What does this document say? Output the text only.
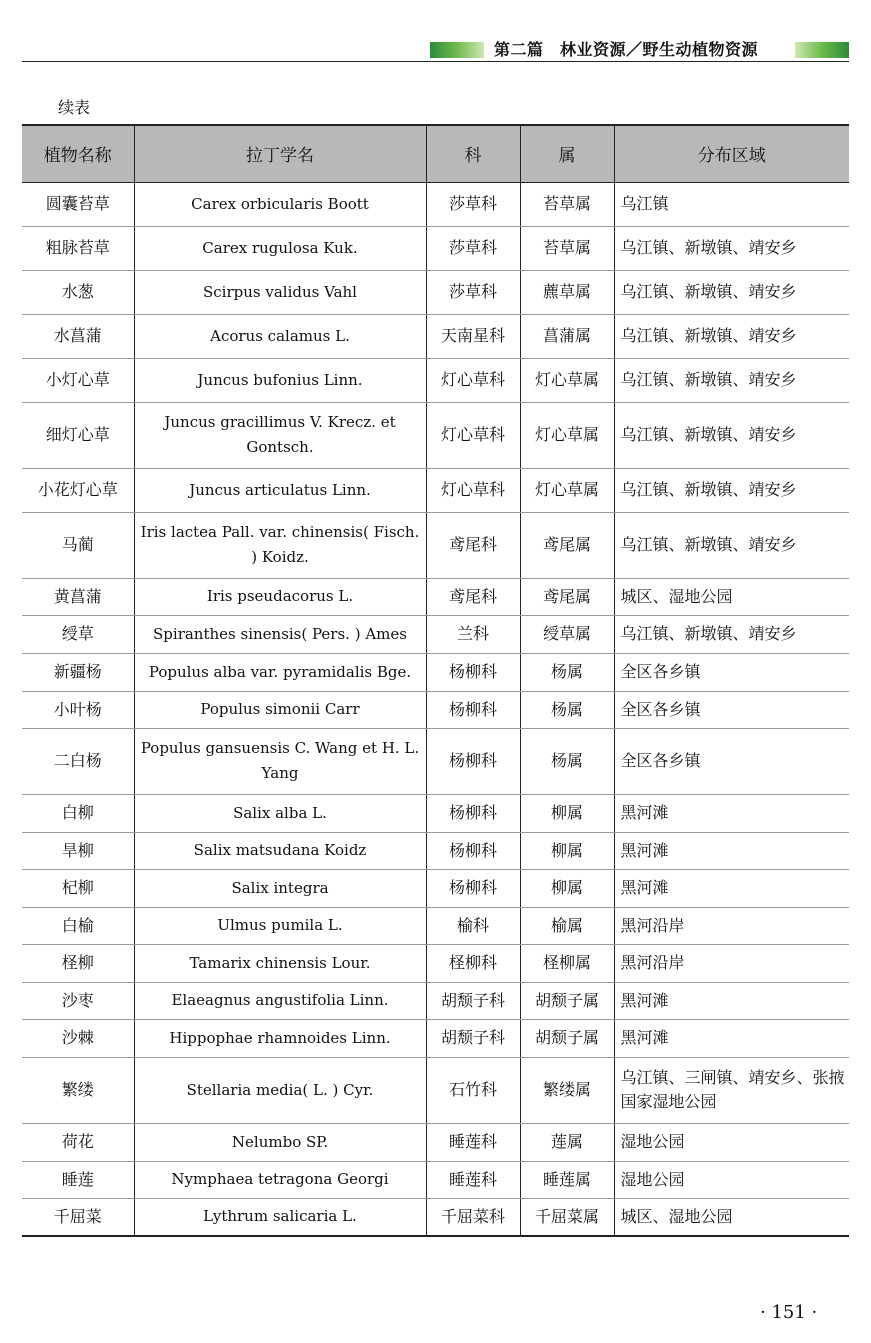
第二篇　林业资源／野生动植物资源
续表
植物名称	拉丁学名	科	属	分布区域
圆囊苔草	Carex orbicularis Boott	莎草科	苔草属	乌江镇
粗脉苔草	Carex rugulosa Kuk.	莎草科	苔草属	乌江镇、新墩镇、靖安乡
水葱	Scirpus validus Vahl	莎草科	藨草属	乌江镇、新墩镇、靖安乡
水菖蒲	Acorus calamus L.	天南星科	菖蒲属	乌江镇、新墩镇、靖安乡
小灯心草	Juncus bufonius Linn.	灯心草科	灯心草属	乌江镇、新墩镇、靖安乡
细灯心草	Juncus gracillimus V. Krecz. et Gontsch.	灯心草科	灯心草属	乌江镇、新墩镇、靖安乡
小花灯心草	Juncus articulatus Linn.	灯心草科	灯心草属	乌江镇、新墩镇、靖安乡
马蔺	Iris lactea Pall. var. chinensis( Fisch. ) Koidz.	鸢尾科	鸢尾属	乌江镇、新墩镇、靖安乡
黄菖蒲	Iris pseudacorus L.	鸢尾科	鸢尾属	城区、湿地公园
绶草	Spiranthes sinensis( Pers. ) Ames	兰科	绶草属	乌江镇、新墩镇、靖安乡
新疆杨	Populus alba var. pyramidalis Bge.	杨柳科	杨属	全区各乡镇
小叶杨	Populus simonii Carr	杨柳科	杨属	全区各乡镇
二白杨	Populus gansuensis C. Wang et H. L. Yang	杨柳科	杨属	全区各乡镇
白柳	Salix alba L.	杨柳科	柳属	黑河滩
旱柳	Salix matsudana Koidz	杨柳科	柳属	黑河滩
杞柳	Salix integra	杨柳科	柳属	黑河滩
白榆	Ulmus pumila L.	榆科	榆属	黑河沿岸
柽柳	Tamarix chinensis Lour.	柽柳科	柽柳属	黑河沿岸
沙枣	Elaeagnus angustifolia Linn.	胡颓子科	胡颓子属	黑河滩
沙棘	Hippophae rhamnoides Linn.	胡颓子科	胡颓子属	黑河滩
繁缕	Stellaria media( L. ) Cyr.	石竹科	繁缕属	乌江镇、三闸镇、靖安乡、张掖国家湿地公园
荷花	Nelumbo SP.	睡莲科	莲属	湿地公园
睡莲	Nymphaea tetragona Georgi	睡莲科	睡莲属	湿地公园
千屈菜	Lythrum salicaria L.	千屈菜科	千屈菜属	城区、湿地公园
· 151 ·
